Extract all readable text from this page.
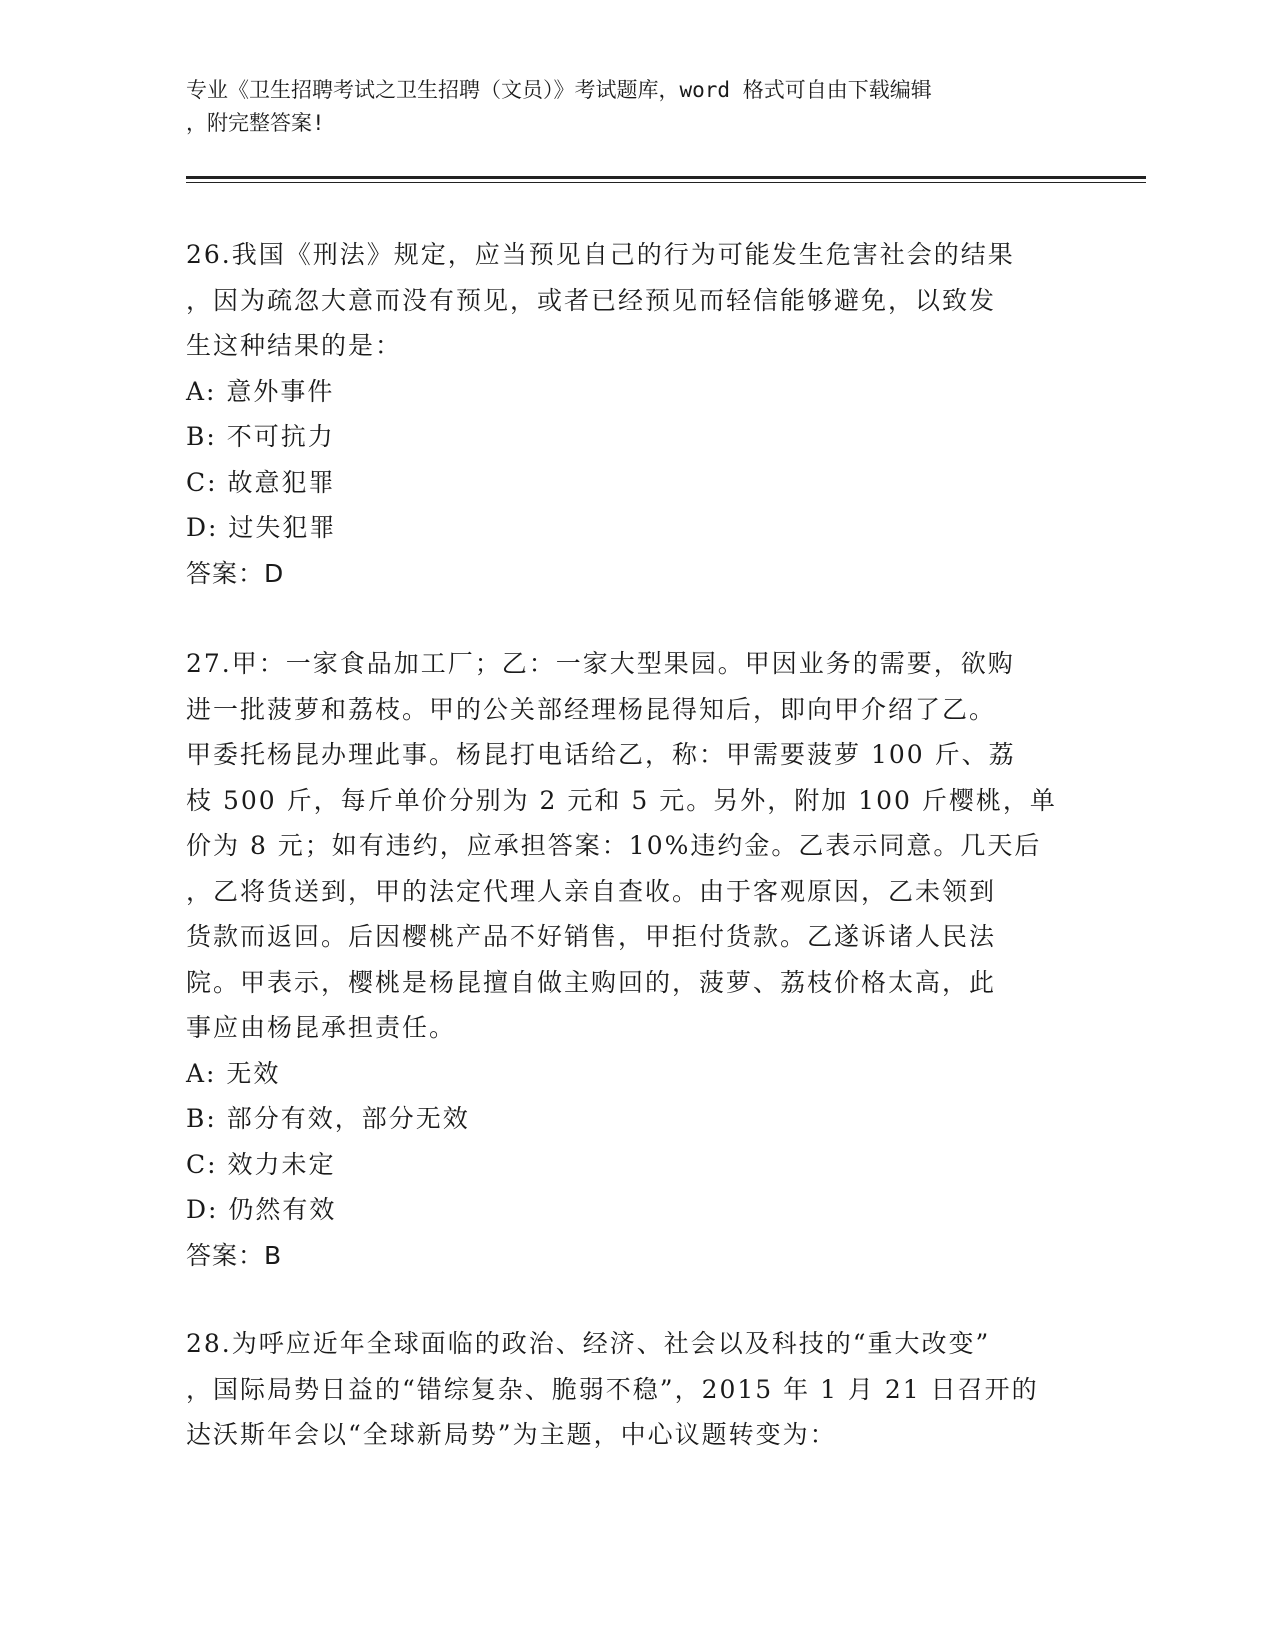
专业《卫生招聘考试之卫生招聘（文员）》考试题库，word 格式可自由下载编辑
，附完整答案!

26.我国《刑法》规定，应当预见自己的行为可能发生危害社会的结果

，因为疏忽大意而没有预见，或者已经预见而轻信能够避免，以致发

生这种结果的是：

A: 意外事件

B: 不可抗力

C: 故意犯罪

D: 过失犯罪

答案：D

27.甲：一家食品加工厂；乙：一家大型果园。甲因业务的需要，欲购

进一批菠萝和荔枝。甲的公关部经理杨昆得知后，即向甲介绍了乙。

甲委托杨昆办理此事。杨昆打电话给乙，称：甲需要菠萝 100 斤、荔

枝 500 斤，每斤单价分别为 2 元和 5 元。另外，附加 100 斤樱桃，单

价为 8 元；如有违约，应承担答案：10%违约金。乙表示同意。几天后

，乙将货送到，甲的法定代理人亲自查收。由于客观原因，乙未领到

货款而返回。后因樱桃产品不好销售，甲拒付货款。乙遂诉诸人民法

院。甲表示，樱桃是杨昆擅自做主购回的，菠萝、荔枝价格太高，此

事应由杨昆承担责任。

A: 无效

B: 部分有效，部分无效

C: 效力未定

D: 仍然有效

答案：B

28.为呼应近年全球面临的政治、经济、社会以及科技的“重大改变”

，国际局势日益的“错综复杂、脆弱不稳”，2015 年 1 月 21 日召开的

达沃斯年会以“全球新局势”为主题，中心议题转变为：
